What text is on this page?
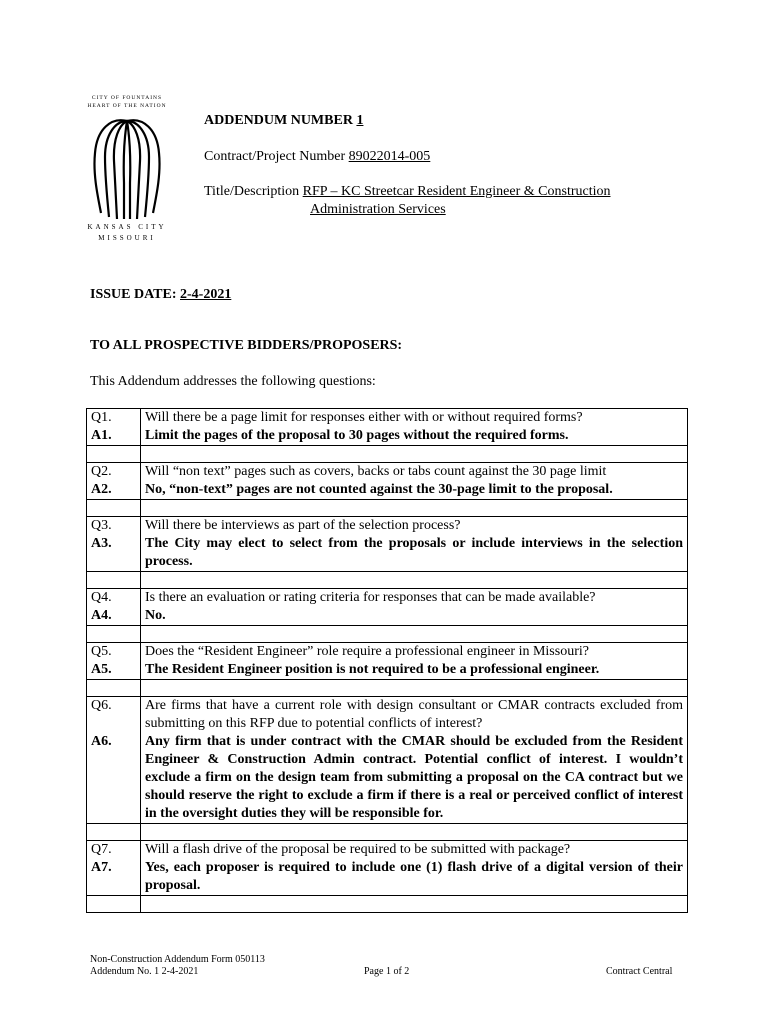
CITY OF FOUNTAINS
HEART OF THE NATION
KANSAS CITY
MISSOURI
ADDENDUM NUMBER 1
Contract/Project Number 89022014-005
Title/Description RFP – KC Streetcar Resident Engineer & Construction
Administration Services
ISSUE DATE: 2-4-2021
TO ALL PROSPECTIVE BIDDERS/PROPOSERS:
This Addendum addresses the following questions:
Q1.	Will there be a page limit for responses either with or without required forms?
A1.	Limit the pages of the proposal to 30 pages without the required forms.

Q2.	Will “non text” pages such as covers, backs or tabs count against the 30 page limit
A2.	No, “non-text” pages are not counted against the 30-page limit to the proposal.

Q3.	Will there be interviews as part of the selection process?
A3.	The City may elect to select from the proposals or include interviews in the selection process.

Q4.	Is there an evaluation or rating criteria for responses that can be made available?
A4.	No.

Q5.	Does the “Resident Engineer” role require a professional engineer in Missouri?
A5.	The Resident Engineer position is not required to be a professional engineer.

Q6.	Are firms that have a current role with design consultant or CMAR contracts excluded from submitting on this RFP due to potential conflicts of interest?
A6.	Any firm that is under contract with the CMAR should be excluded from the Resident Engineer & Construction Admin contract. Potential conflict of interest. I wouldn’t exclude a firm on the design team from submitting a proposal on the CA contract but we should reserve the right to exclude a firm if there is a real or perceived conflict of interest in the oversight duties they will be responsible for.

Q7.	Will a flash drive of the proposal be required to be submitted with package?
A7.	Yes, each proposer is required to include one (1) flash drive of a digital version of their proposal.

Non-Construction Addendum Form 050113
Addendum No. 1 2-4-2021	Page 1 of 2	Contract Central
